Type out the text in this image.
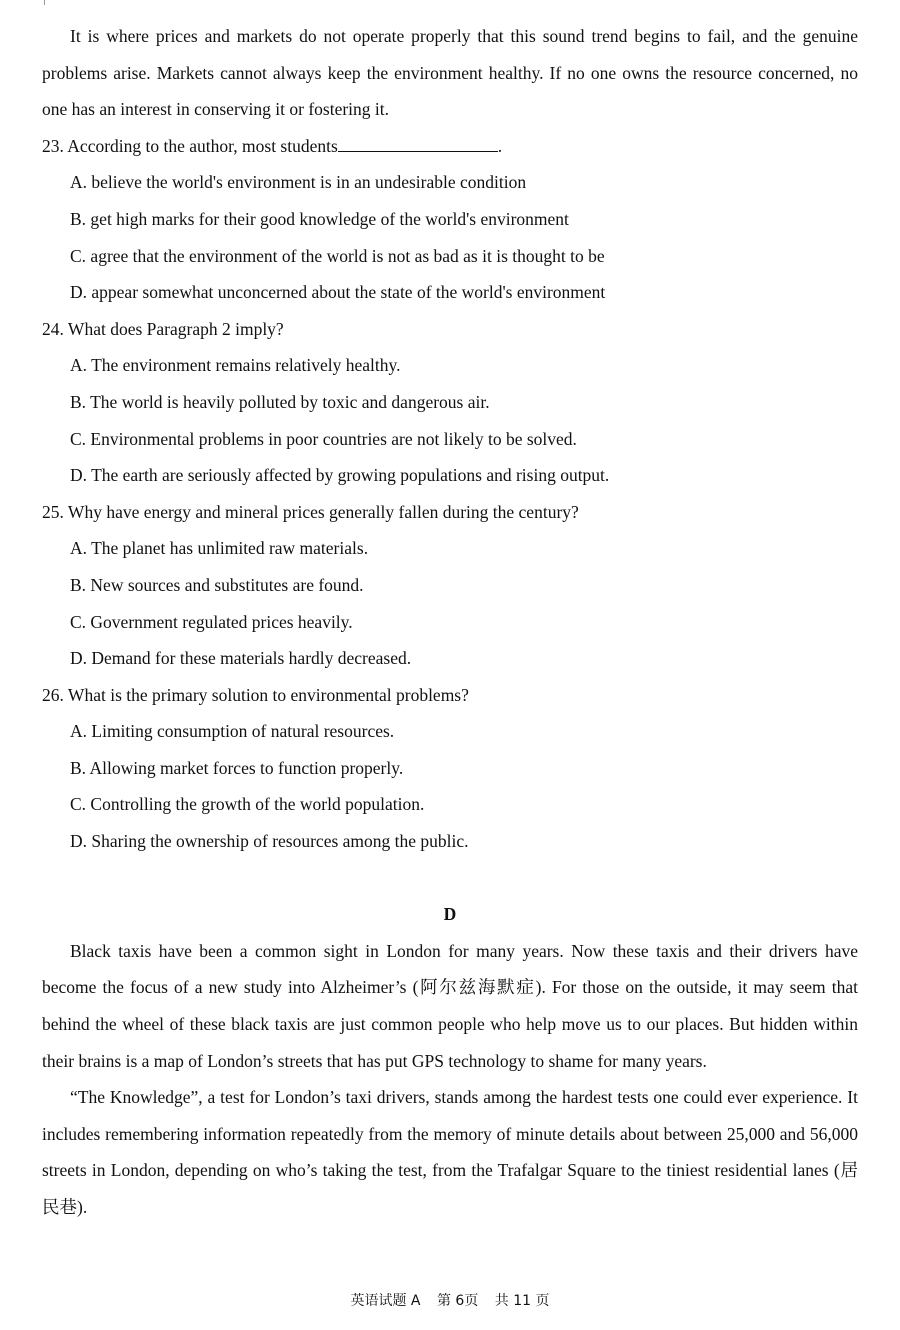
It is where prices and markets do not operate properly that this sound trend begins to fail, and the genuine problems arise. Markets cannot always keep the environment healthy. If no one owns the resource concerned, no one has an interest in conserving it or fostering it.

23. According to the author, most students	.
A. believe the world's environment is in an undesirable condition
B. get high marks for their good knowledge of the world's environment
C. agree that the environment of the world is not as bad as it is thought to be
D. appear somewhat unconcerned about the state of the world's environment
24. What does Paragraph 2 imply?
A. The environment remains relatively healthy.
B. The world is heavily polluted by toxic and dangerous air.
C. Environmental problems in poor countries are not likely to be solved.
D. The earth are seriously affected by growing populations and rising output.
25. Why have energy and mineral prices generally fallen during the century?
A. The planet has unlimited raw materials.
B. New sources and substitutes are found.
C. Government regulated prices heavily.
D. Demand for these materials hardly decreased.
26. What is the primary solution to environmental problems?
A. Limiting consumption of natural resources.
B. Allowing market forces to function properly.
C. Controlling the growth of the world population.
D. Sharing the ownership of resources among the public.
D

Black taxis have been a common sight in London for many years. Now these taxis and their drivers have become the focus of a new study into Alzheimer’s (阿尔兹海默症). For those on the outside, it may seem that behind the wheel of these black taxis are just common people who help move us to our places. But hidden within their brains is a map of London’s streets that has put GPS technology to shame for many years.

“The Knowledge”, a test for London’s taxi drivers, stands among the hardest tests one could ever experience. It includes remembering information repeatedly from the memory of minute details about between 25,000 and 56,000 streets in London, depending on who’s taking the test, from the Trafalgar Square to the tiniest residential lanes (居民巷).

英语试题 A 第 6页 共 11 页
